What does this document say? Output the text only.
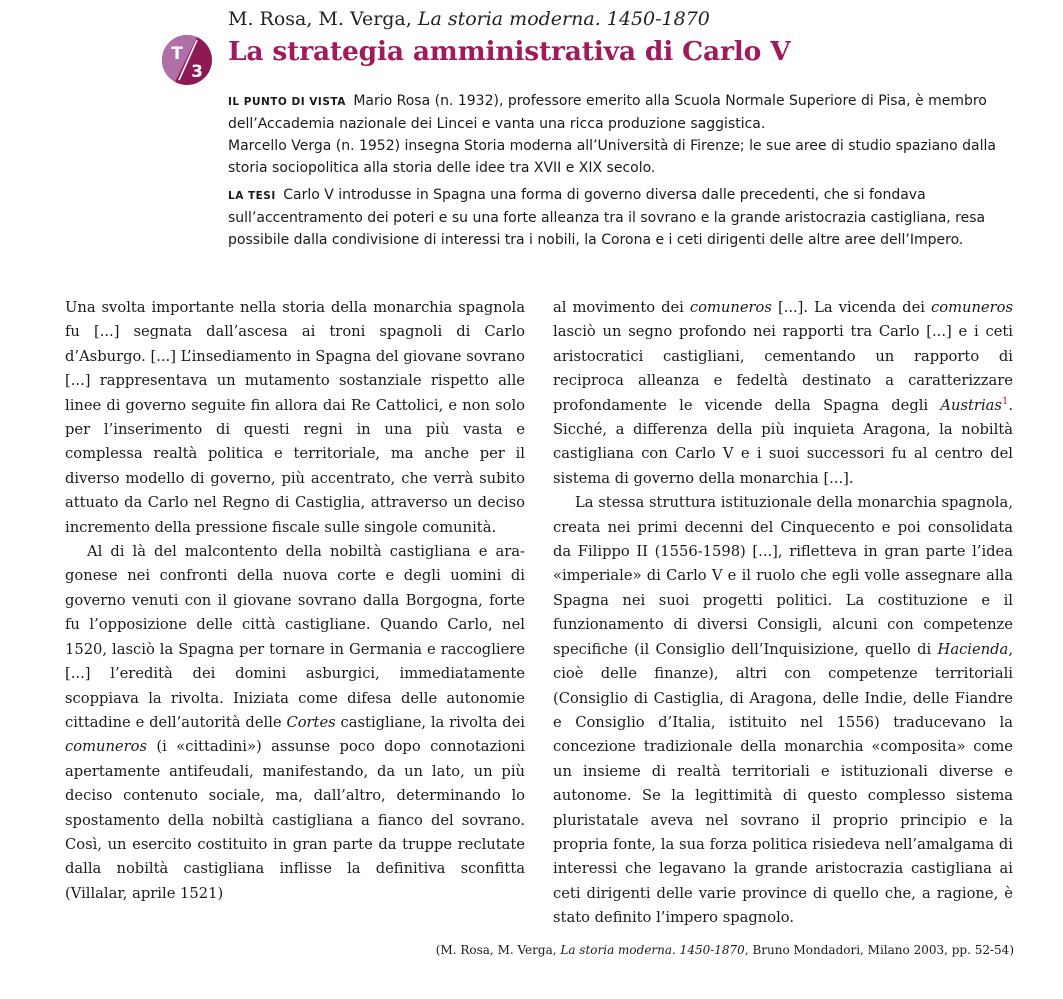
M. Rosa, M. Verga, La storia moderna. 1450-1870
T
3
La strategia amministrativa di Carlo V

IL PUNTO DI VISTA Mario Rosa (n. 1932), professore emerito alla Scuola Normale Superiore di Pisa, è membro dell’Accademia nazionale dei Lincei e vanta una ricca produzione saggistica.
Marcello Verga (n. 1952) insegna Storia moderna all’Università di Firenze; le sue aree di studio spaziano dalla storia sociopolitica alla storia delle idee tra XVII e XIX secolo.

LA TESI Carlo V introdusse in Spagna una forma di governo diversa dalle precedenti, che si fondava sull’accentramento dei poteri e su una forte alleanza tra il sovrano e la grande aristocrazia castigliana, resa possibile dalla condivisione di interessi tra i nobili, la Corona e i ceti dirigenti delle altre aree dell’Impero.

Una svolta importante nella storia della monarchia spagnola fu [...] segnata dall’ascesa ai troni spagnoli di Carlo d’Asburgo. [...] L’insediamento in Spagna del giovane sovrano [...] rappresentava un mutamento sostanziale rispetto alle linee di governo seguite fin allora dai Re Cattolici, e non solo per l’inserimento di questi regni in una più vasta e complessa realtà politica e territoriale, ma anche per il diverso modello di governo, più accentrato, che verrà subito attuato da Carlo nel Regno di Castiglia, attraverso un deciso incremento della pressione fiscale sulle singole comunità.

Al di là del malcontento della nobiltà castigliana e aragonese nei confronti della nuova corte e degli uomini di governo venuti con il giovane sovrano dalla Borgogna, forte fu l’opposizione delle città castigliane. Quando Carlo, nel 1520, lasciò la Spagna per tornare in Germania e raccogliere [...] l’eredità dei domini asburgici, immediatamente scoppiava la rivolta. Iniziata come difesa delle autonomie cittadine e dell’autorità delle Cortes castigliane, la rivolta dei comuneros (i «cittadini») assunse poco dopo connotazioni apertamente antifeudali, manifestando, da un lato, un più deciso contenuto sociale, ma, dall’altro, determinando lo spostamento della nobiltà castigliana a fianco del sovrano. Così, un esercito costituito in gran parte da truppe reclutate dalla nobiltà castigliana inflisse la definitiva sconfitta (Villalar, aprile 1521)

al movimento dei comuneros [...]. La vicenda dei comuneros lasciò un segno profondo nei rapporti tra Carlo [...] e i ceti aristocratici castigliani, cementando un rapporto di reciproca alleanza e fedeltà destinato a caratterizzare profondamente le vicende della Spagna degli Austrias$^1$. Sicché, a differenza della più inquieta Aragona, la nobiltà castigliana con Carlo V e i suoi successori fu al centro del sistema di governo della monarchia [...].

La stessa struttura istituzionale della monarchia spagnola, creata nei primi decenni del Cinquecento e poi consolidata da Filippo II (1556-1598) [...], rifletteva in gran parte l’idea «imperiale» di Carlo V e il ruolo che egli volle assegnare alla Spagna nei suoi progetti politici. La costituzione e il funzionamento di diversi Consigli, alcuni con competenze specifiche (il Consiglio dell’Inquisizione, quello di Hacienda, cioè delle finanze), altri con competenze territoriali (Consiglio di Castiglia, di Aragona, delle Indie, delle Fiandre e Consiglio d’Italia, istituito nel 1556) traducevano la concezione tradizionale della monarchia «composita» come un insieme di realtà territoriali e istituzionali diverse e autonome. Se la legittimità di questo complesso sistema pluristatale aveva nel sovrano il proprio principio e la propria fonte, la sua forza politica risiedeva nell’amalgama di interessi che legavano la grande aristocrazia castigliana ai ceti dirigenti delle varie province di quello che, a ragione, è stato definito l’impero spagnolo.

(M. Rosa, M. Verga, La storia moderna. 1450-1870, Bruno Mondadori, Milano 2003, pp. 52-54)
